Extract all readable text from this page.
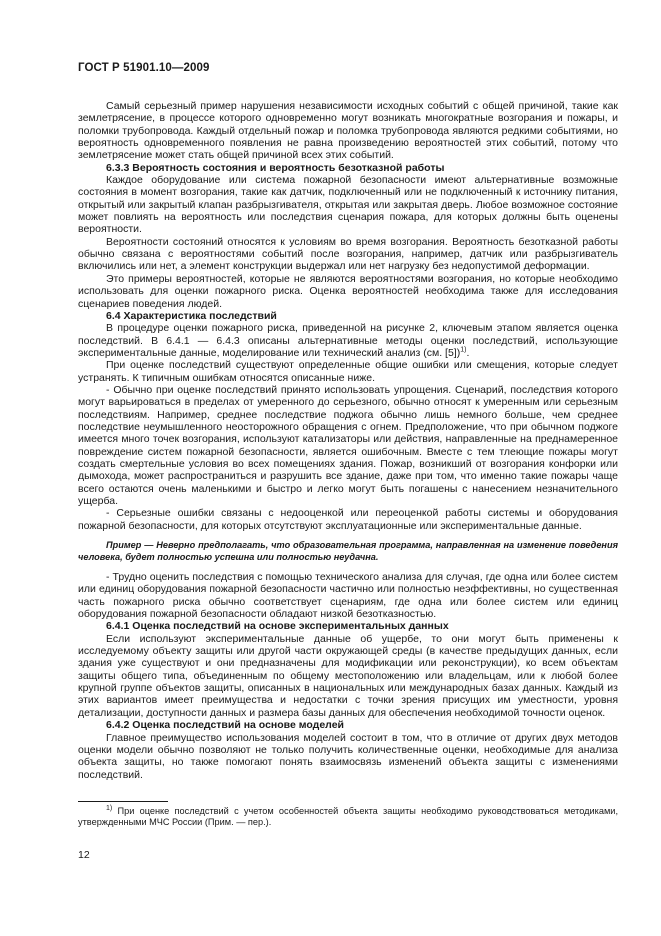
ГОСТ Р 51901.10—2009

Самый серьезный пример нарушения независимости исходных событий с общей причиной, такие как землетрясение, в процессе которого одновременно могут возникать многократные возгорания и пожары, и поломки трубопровода. Каждый отдельный пожар и поломка трубопровода являются редкими событиями, но вероятность одновременного появления не равна произведению вероятностей этих событий, потому что землетрясение может стать общей причиной всех этих событий.

6.3.3 Вероятность состояния и вероятность безотказной работы

Каждое оборудование или система пожарной безопасности имеют альтернативные возможные состояния в момент возгорания, такие как датчик, подключенный или не подключенный к источнику питания, открытый или закрытый клапан разбрызгивателя, открытая или закрытая дверь. Любое возможное состояние может повлиять на вероятность или последствия сценария пожара, для которых должны быть оценены вероятности.

Вероятности состояний относятся к условиям во время возгорания. Вероятность безотказной работы обычно связана с вероятностями событий после возгорания, например, датчик или разбрызгиватель включились или нет, а элемент конструкции выдержал или нет нагрузку без недопустимой деформации.

Это примеры вероятностей, которые не являются вероятностями возгорания, но которые необходимо использовать для оценки пожарного риска. Оценка вероятностей необходима также для исследования сценариев поведения людей.

6.4 Характеристика последствий

В процедуре оценки пожарного риска, приведенной на рисунке 2, ключевым этапом является оценка последствий. В 6.4.1 — 6.4.3 описаны альтернативные методы оценки последствий, использующие экспериментальные данные, моделирование или технический анализ (см. [5])$^{1)}$.

При оценке последствий существуют определенные общие ошибки или смещения, которые следует устранять. К типичным ошибкам относятся описанные ниже.

- Обычно при оценке последствий принято использовать упрощения. Сценарий, последствия которого могут варьироваться в пределах от умеренного до серьезного, обычно относят к умеренным или серьезным последствиям. Например, среднее последствие поджога обычно лишь немного больше, чем среднее последствие неумышленного неосторожного обращения с огнем. Предположение, что при обычном поджоге имеется много точек возгорания, используют катализаторы или действия, направленные на преднамеренное повреждение систем пожарной безопасности, является ошибочным. Вместе с тем тлеющие пожары могут создать смертельные условия во всех помещениях здания. Пожар, возникший от возгорания конфорки или дымохода, может распространиться и разрушить все здание, даже при том, что именно такие пожары чаще всего остаются очень маленькими и быстро и легко могут быть погашены с нанесением незначительного ущерба.

- Серьезные ошибки связаны с недооценкой или переоценкой работы системы и оборудования пожарной безопасности, для которых отсутствуют эксплуатационные или экспериментальные данные.

Пример — Неверно предполагать, что образовательная программа, направленная на изменение поведения человека, будет полностью успешна или полностью неудачна.

- Трудно оценить последствия с помощью технического анализа для случая, где одна или более систем или единиц оборудования пожарной безопасности частично или полностью неэффективны, но существенная часть пожарного риска обычно соответствует сценариям, где одна или более систем или единиц оборудования пожарной безопасности обладают низкой безотказностью.

6.4.1 Оценка последствий на основе экспериментальных данных

Если используют экспериментальные данные об ущербе, то они могут быть применены к исследуемому объекту защиты или другой части окружающей среды (в качестве предыдущих данных, если здания уже существуют и они предназначены для модификации или реконструкции), ко всем объектам защиты общего типа, объединенным по общему местоположению или владельцам, или к любой более крупной группе объектов защиты, описанных в национальных или международных базах данных. Каждый из этих вариантов имеет преимущества и недостатки с точки зрения присущих им уместности, уровня детализации, доступности данных и размера базы данных для обеспечения необходимой точности оценок.

6.4.2 Оценка последствий на основе моделей

Главное преимущество использования моделей состоит в том, что в отличие от других двух методов оценки модели обычно позволяют не только получить количественные оценки, необходимые для анализа объекта защиты, но также помогают понять взаимосвязь изменений объекта защиты с изменениями последствий.

$^{1)}$ При оценке последствий с учетом особенностей объекта защиты необходимо руководствоваться методиками, утвержденными МЧС России (Прим. — пер.).

12
